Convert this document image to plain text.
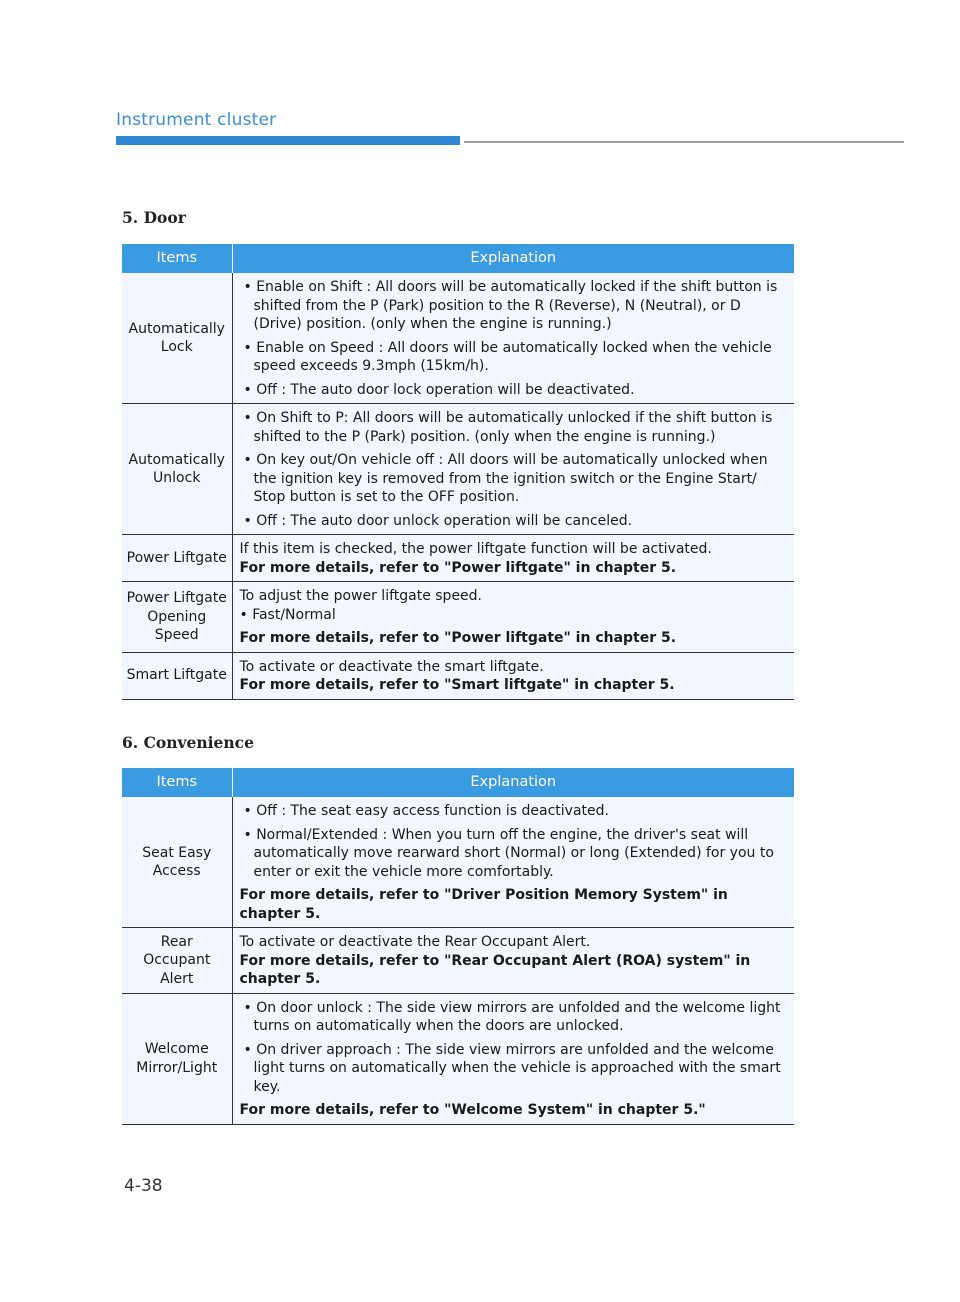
Instrument cluster
5. Door
Items	Explanation
Automatically Lock	• Enable on Shift : All doors will be automatically locked if the shift button is shifted from the P (Park) position to the R (Reverse), N (Neutral), or D (Drive) position. (only when the engine is running.)

• Enable on Speed : All doors will be automatically locked when the vehicle speed exceeds 9.3mph (15km/h).

• Off : The auto door lock operation will be deactivated.

Automatically Unlock	• On Shift to P: All doors will be automatically unlocked if the shift button is shifted to the P (Park) position. (only when the engine is running.)

• On key out/On vehicle off : All doors will be automatically unlocked when the ignition key is removed from the ignition switch or the Engine Start/ Stop button is set to the OFF position.

• Off : The auto door unlock operation will be canceled.

Power Liftgate	If this item is checked, the power liftgate function will be activated.

For more details, refer to "Power liftgate" in chapter 5.

Power Liftgate Opening Speed	To adjust the power liftgate speed.

• Fast/Normal

For more details, refer to "Power liftgate" in chapter 5.

Smart Liftgate	To activate or deactivate the smart liftgate.

For more details, refer to "Smart liftgate" in chapter 5.

6. Convenience
Items	Explanation
Seat Easy Access	• Off : The seat easy access function is deactivated.

• Normal/Extended : When you turn off the engine, the driver's seat will automatically move rearward short (Normal) or long (Extended) for you to enter or exit the vehicle more comfortably.

For more details, refer to "Driver Position Memory System" in chapter 5.

Rear Occupant Alert	To activate or deactivate the Rear Occupant Alert.

For more details, refer to "Rear Occupant Alert (ROA) system" in chapter 5.

Welcome Mirror/Light	• On door unlock : The side view mirrors are unfolded and the welcome light turns on automatically when the doors are unlocked.

• On driver approach : The side view mirrors are unfolded and the welcome light turns on automatically when the vehicle is approached with the smart key.

For more details, refer to "Welcome System" in chapter 5."

4-38
